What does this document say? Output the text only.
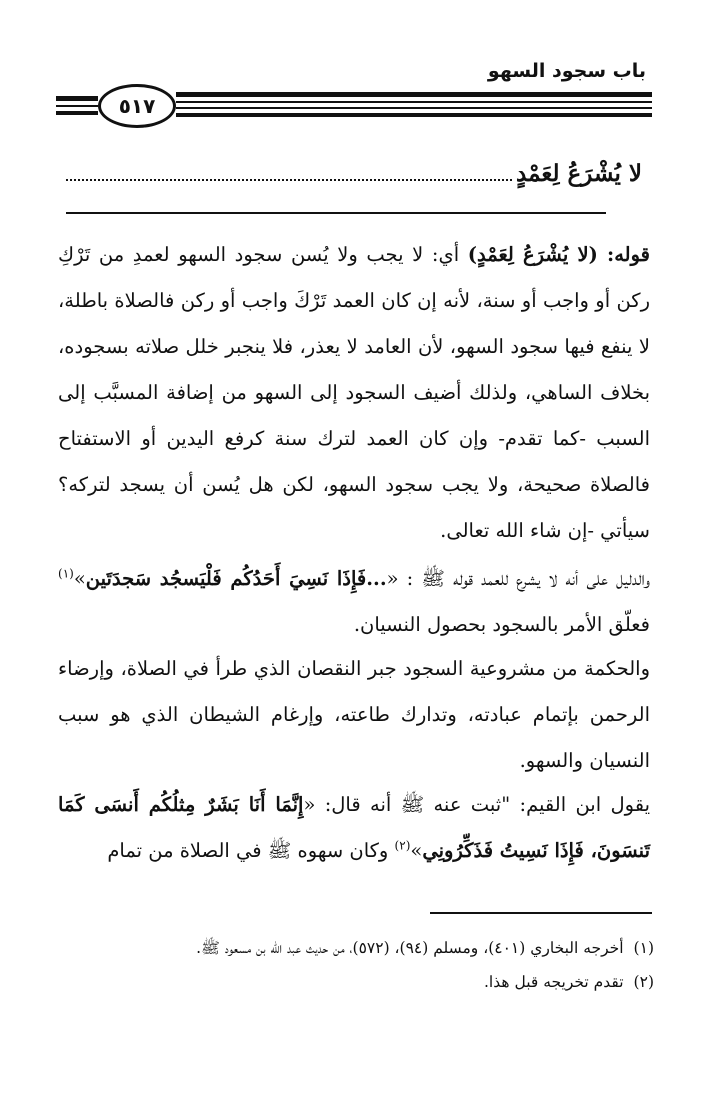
باب سجود السهو
٥١٧
لا يُشْرَعُ لِعَمْدٍ
قوله: (لا يُشْرَعُ لِعَمْدٍ) أي: لا يجب ولا يُسن سجود السهو لعمدِ من تَرْكِ ركن أو واجب أو سنة، لأنه إن كان العمد تَرْكَ واجب أو ركن فالصلاة باطلة، لا ينفع فيها سجود السهو، لأن العامد لا يعذر، فلا ينجبر خلل صلاته بسجوده، بخلاف الساهي، ولذلك أضيف السجود إلى السهو من إضافة المسبَّب إلى السبب -كما تقدم- وإن كان العمد لترك سنة كرفع اليدين أو الاستفتاح فالصلاة صحيحة، ولا يجب سجود السهو، لكن هل يُسن أن يسجد لتركه؟ سيأتي -إن شاء الله تعالى.
والدليل على أنه لا يشرع للعمد قوله ﷺ : «...فَإِذَا نَسِيَ أَحَدُكُم فَلْيَسجُد سَجدَتَين»$^{(١)}$ فعلّق الأمر بالسجود بحصول النسيان.
والحكمة من مشروعية السجود جبر النقصان الذي طرأ في الصلاة، وإرضاء الرحمن بإتمام عبادته، وتدارك طاعته، وإرغام الشيطان الذي هو سبب النسيان والسهو.
يقول ابن القيم: "ثبت عنه ﷺ أنه قال: «إِنَّمَا أَنَا بَشَرٌ مِثلُكُم أَنسَى كَمَا تَنسَونَ، فَإِذَا نَسِيتُ فَذَكِّرُونِي»$^{(٢)}$ وكان سهوه ﷺ في الصلاة من تمام
(١)أخرجه البخاري (٤٠١)، ومسلم (٩٤)، (٥٧٢)، من حديث عبد الله بن مسعود ﷺ.
(٢)تقدم تخريجه قبل هذا.
